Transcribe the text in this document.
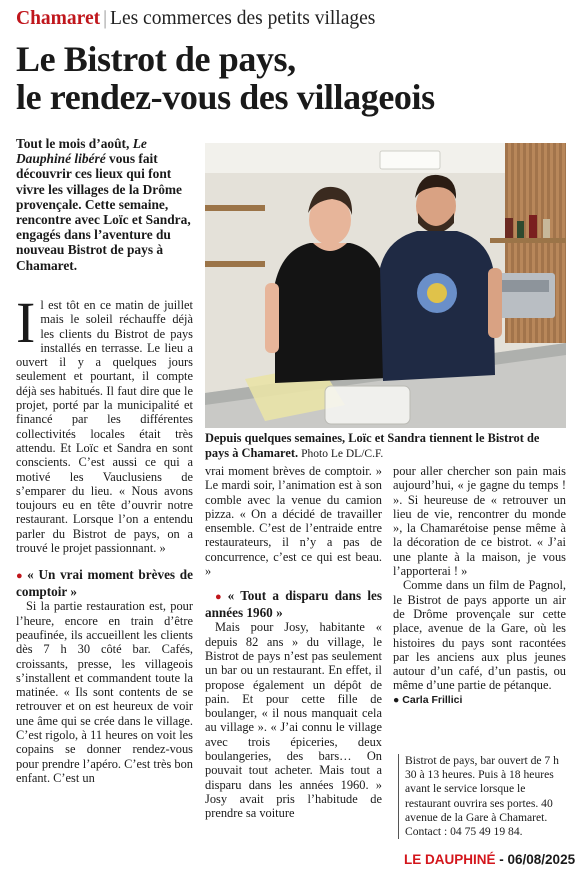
Chamaret | Les commerces des petits villages
Le Bistrot de pays,
le rendez-vous des villageois
Tout le mois d’août, Le Dauphiné libéré vous fait découvrir ces lieux qui font vivre les villages de la Drôme provençale. Cette semaine, rencontre avec Loïc et Sandra, engagés dans l’aventure du nouveau Bistrot de pays à Chamaret.
Depuis quelques semaines, Loïc et Sandra tiennent le Bistrot de pays à Chamaret. Photo Le DL/C.F.
I l est tôt en ce matin de juillet mais le soleil réchauffe déjà les clients du Bistrot de pays installés en terrasse. Le lieu a ouvert il y a quelques jours seulement et pourtant, il compte déjà ses habitués. Il faut dire que le projet, porté par la municipalité et financé par les différentes collectivités locales était très attendu. Et Loïc et Sandra en sont conscients. C’est aussi ce qui a motivé les Vauclusiens de s’emparer du lieu. « Nous avons toujours eu en tête d’ouvrir notre restaurant. Lorsque l’on a entendu parler du Bistrot de pays, on a trouvé le projet passionnant. »

● « Un vrai moment brèves de comptoir »

Si la partie restauration est, pour l’heure, encore en train d’être peaufinée, ils accueillent les clients dès 7 h 30 côté bar. Cafés, croissants, presse, les villageois s’installent et commandent toute la matinée. « Ils sont contents de se retrouver et on est heureux de voir une âme qui se crée dans le village. C’est rigolo, à 11 heures on voit les copains se donner rendez-vous pour prendre l’apéro. C’est très bon enfant. C’est un

vrai moment brèves de comptoir. » Le mardi soir, l’animation est à son comble avec la venue du camion pizza. « On a décidé de travailler ensemble. C’est de l’entraide entre restaurateurs, il n’y a pas de concurrence, c’est ce qui est beau. »

● « Tout a disparu dans les années 1960 »

Mais pour Josy, habitante « depuis 82 ans » du village, le Bistrot de pays n’est pas seulement un bar ou un restaurant. En effet, il propose également un dépôt de pain. Et pour cette fille de boulanger, « il nous manquait cela au village ». « J’ai connu le village avec trois épiceries, deux boulangeries, des bars… On pouvait tout acheter. Mais tout a disparu dans les années 1960. » Josy avait pris l’habitude de prendre sa voiture

pour aller chercher son pain mais aujourd’hui, « je gagne du temps ! ». Si heureuse de « retrouver un lieu de vie, rencontrer du monde », la Chamarétoise pense même à la décoration de ce bistrot. « J’ai une plante à la maison, je vous l’apporterai ! »

Comme dans un film de Pagnol, le Bistrot de pays apporte un air de Drôme provençale sur cette place, avenue de la Gare, où les histoires du pays sont racontées par les anciens aux plus jeunes autour d’un café, d’un pastis, ou même d’une partie de pétanque.

● Carla Frillici
Bistrot de pays, bar ouvert de 7 h 30 à 13 heures. Puis à 18 heures avant le service lorsque le restaurant ouvrira ses portes. 40 avenue de la Gare à Chamaret. Contact : 04 75 49 19 84.
LE DAUPHINÉ - 06/08/2025
